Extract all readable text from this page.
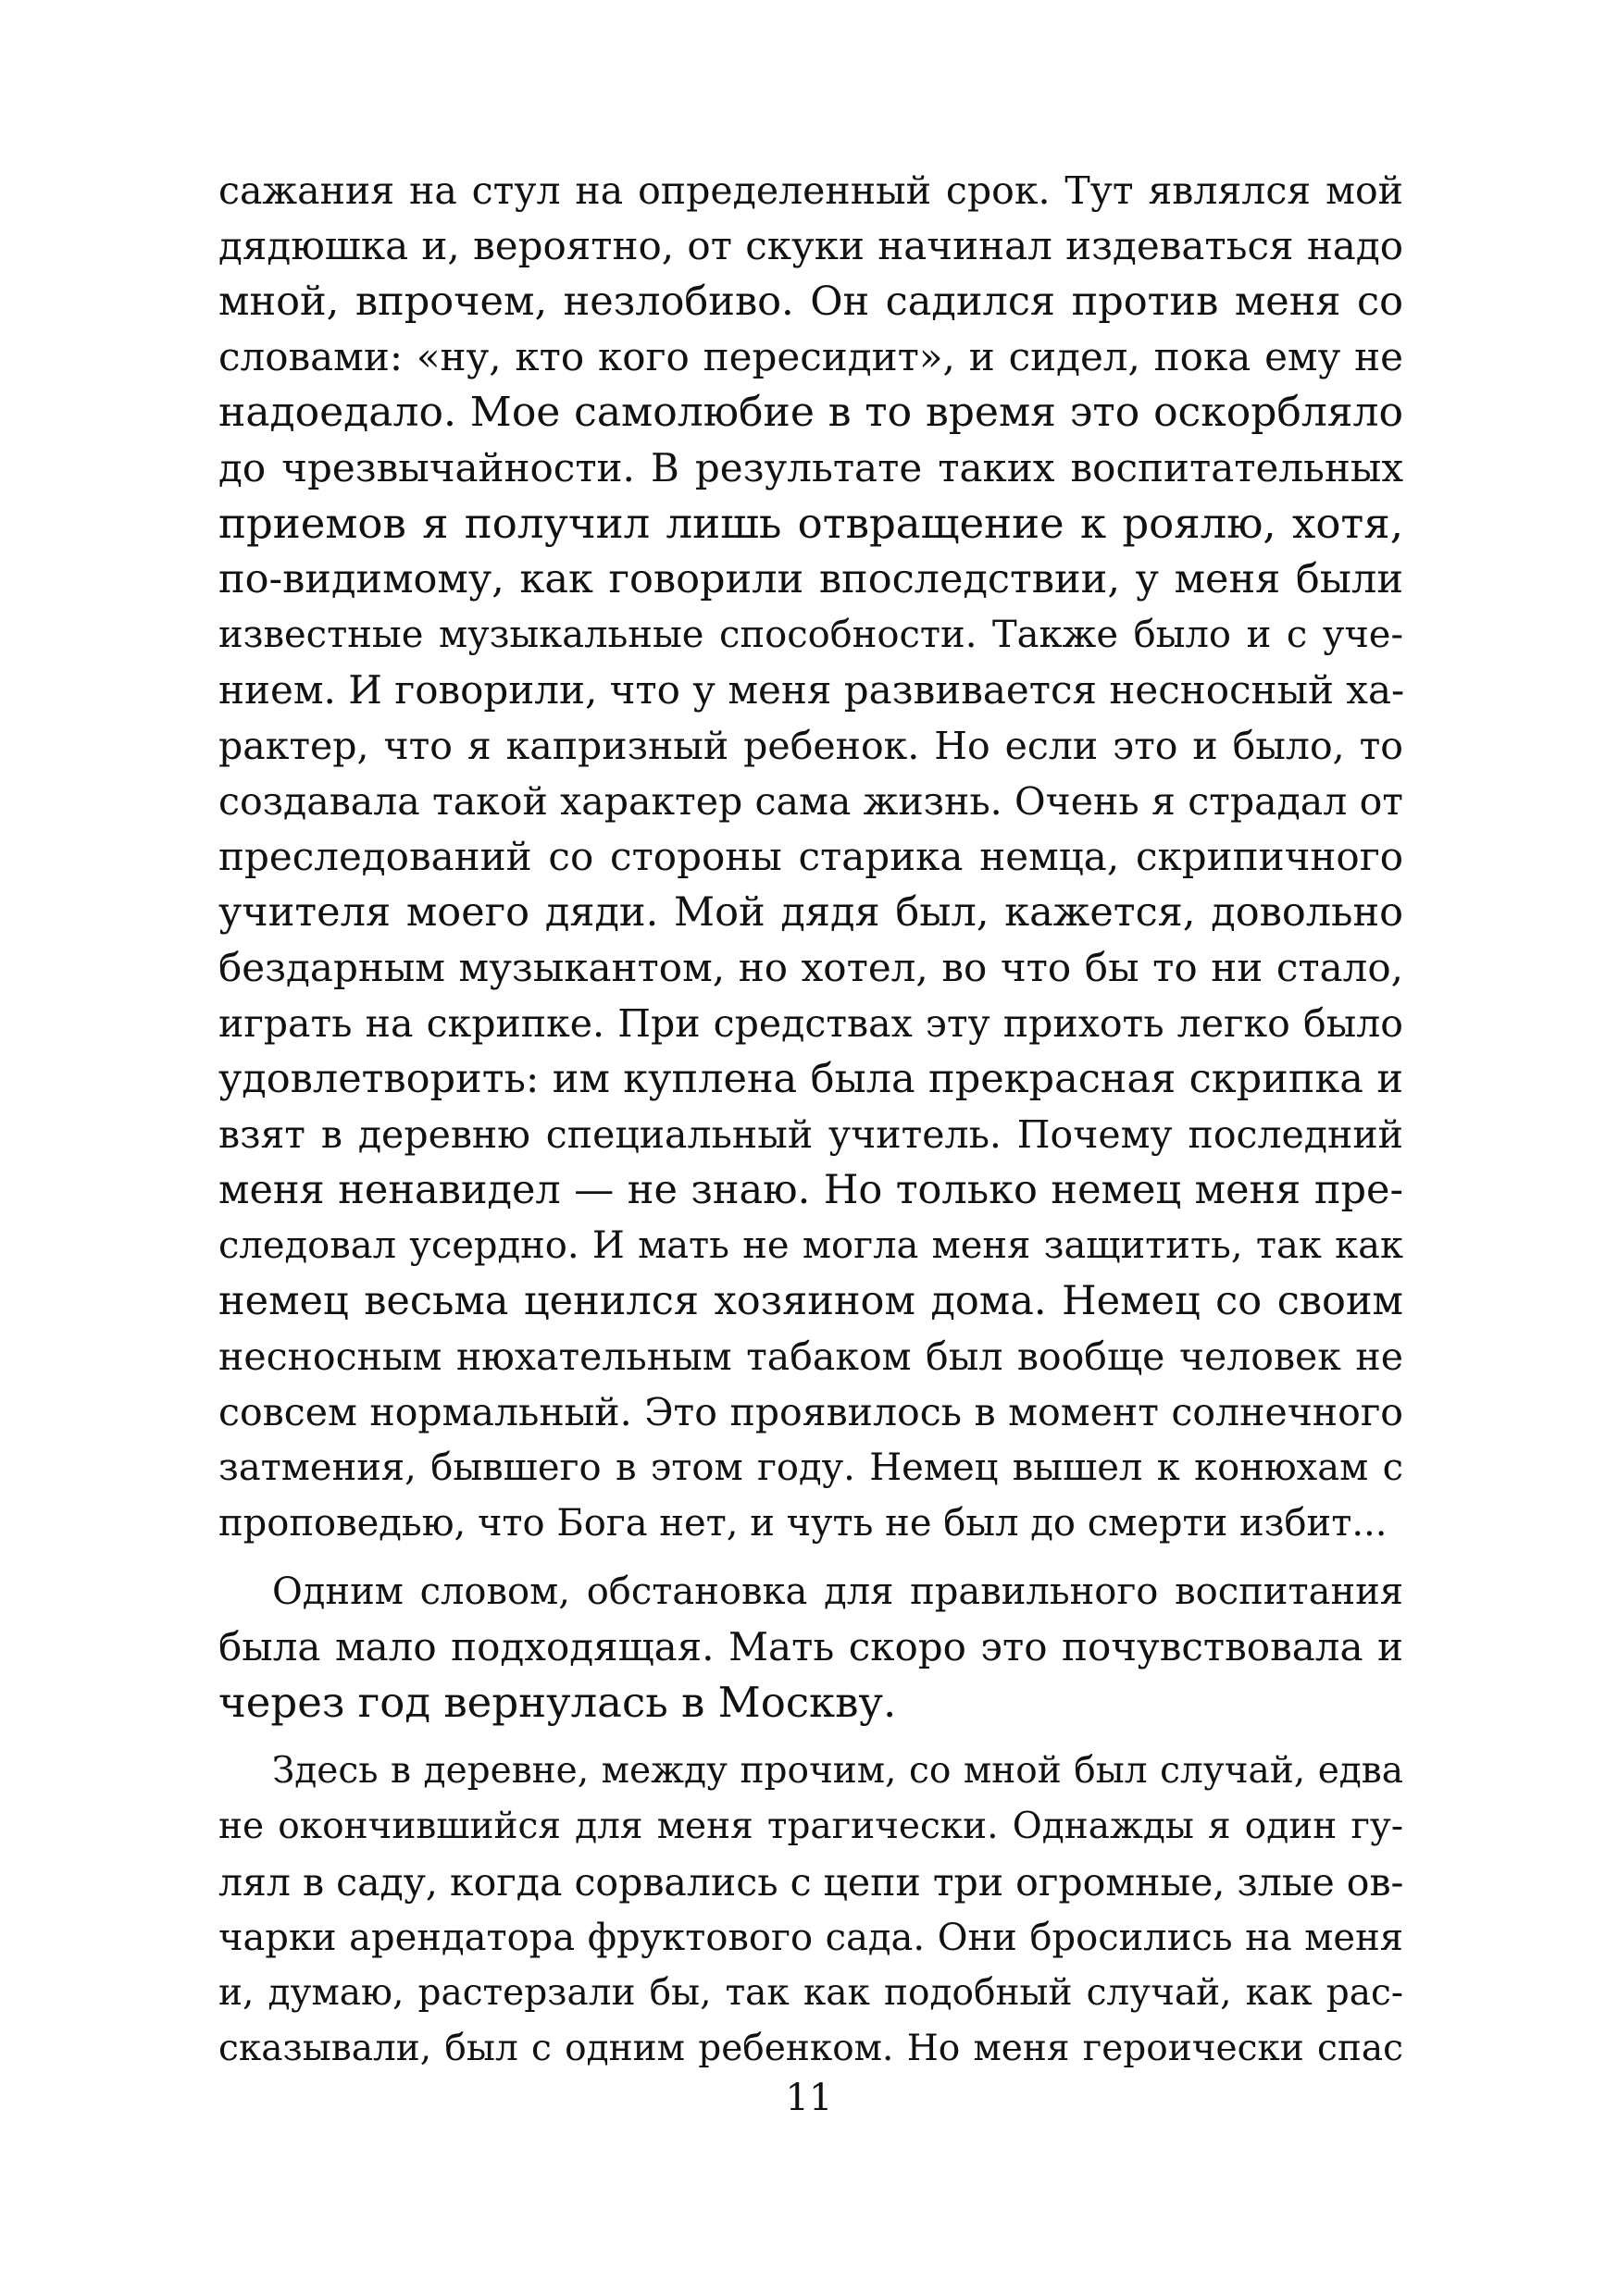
сажания на стул на определенный срок. Тут являлся мой
дядюшка и, вероятно, от скуки начинал издеваться надо
мной, впрочем, незлобиво. Он садился против меня со
словами: «ну, кто кого пересидит», и сидел, пока ему не
надоедало. Мое самолюбие в то время это оскорбляло
до чрезвычайности. В результате таких воспитательных
приемов я получил лишь отвращение к роялю, хотя,
по-видимому, как говорили впоследствии, у меня были
известные музыкальные способности. Также было и с уче-
нием. И говорили, что у меня развивается несносный ха-
рактер, что я капризный ребенок. Но если это и было, то
создавала такой характер сама жизнь. Очень я страдал от
преследований со стороны старика немца, скрипичного
учителя моего дяди. Мой дядя был, кажется, довольно
бездарным музыкантом, но хотел, во что бы то ни стало,
играть на скрипке. При средствах эту прихоть легко было
удовлетворить: им куплена была прекрасная скрипка и
взят в деревню специальный учитель. Почему последний
меня ненавидел — не знаю. Но только немец меня пре-
следовал усердно. И мать не могла меня защитить, так как
немец весьма ценился хозяином дома. Немец со своим
несносным нюхательным табаком был вообще человек не
совсем нормальный. Это проявилось в момент солнечного
затмения, бывшего в этом году. Немец вышел к конюхам с
проповедью, что Бога нет, и чуть не был до смерти избит...
Одним словом, обстановка для правильного воспитания
была мало подходящая. Мать скоро это почувствовала и
через год вернулась в Москву.
Здесь в деревне, между прочим, со мной был случай, едва
не окончившийся для меня трагически. Однажды я один гу-
лял в саду, когда сорвались с цепи три огромные, злые ов-
чарки арендатора фруктового сада. Они бросились на меня
и, думаю, растерзали бы, так как подобный случай, как рас-
сказывали, был с одним ребенком. Но меня героически спас
11
